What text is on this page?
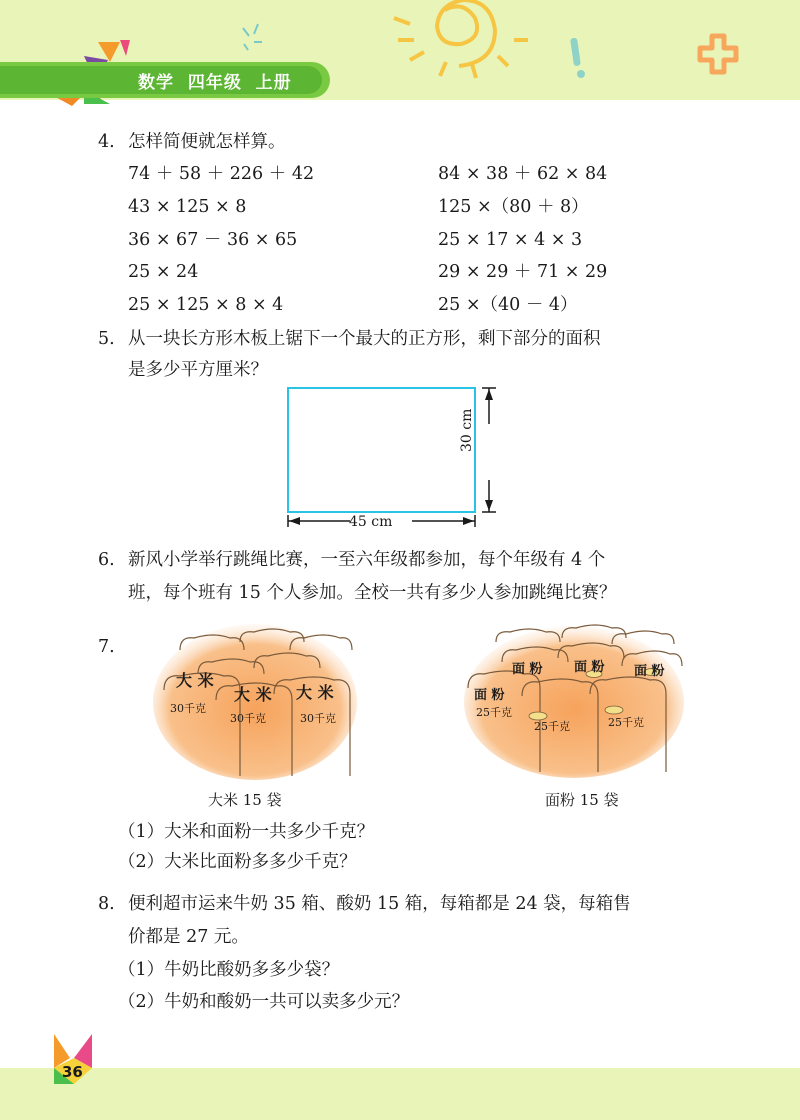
数学  四年级  上册
4. 怎样简便就怎样算。
74 ＋ 58 ＋ 226 ＋ 42
43 × 125 × 8
36 × 67 － 36 × 65
25 × 24
25 × 125 × 8 × 4
84 × 38 ＋ 62 × 84
125 ×（80 ＋ 8）
25 × 17 × 4 × 3
29 × 29 ＋ 71 × 29
25 ×（40 － 4）
5. 从一块长方形木板上锯下一个最大的正方形，剩下部分的面积
是多少平方厘米？
45 cm
30 cm
6. 新风小学举行跳绳比赛，一至六年级都参加，每个年级有 4 个
班，每个班有 15 个人参加。全校一共有多少人参加跳绳比赛？
7.
大 米
大 米 大 米
30千克
30千克	30千克
大米 15 袋
面 粉 面 粉 面 粉
面 粉
25千克
25千克	25千克
面粉 15 袋
（1）大米和面粉一共多少千克？
（2）大米比面粉多多少千克？
8. 便利超市运来牛奶 35 箱、酸奶 15 箱，每箱都是 24 袋，每箱售
价都是 27 元。
（1）牛奶比酸奶多多少袋？
（2）牛奶和酸奶一共可以卖多少元？
36
